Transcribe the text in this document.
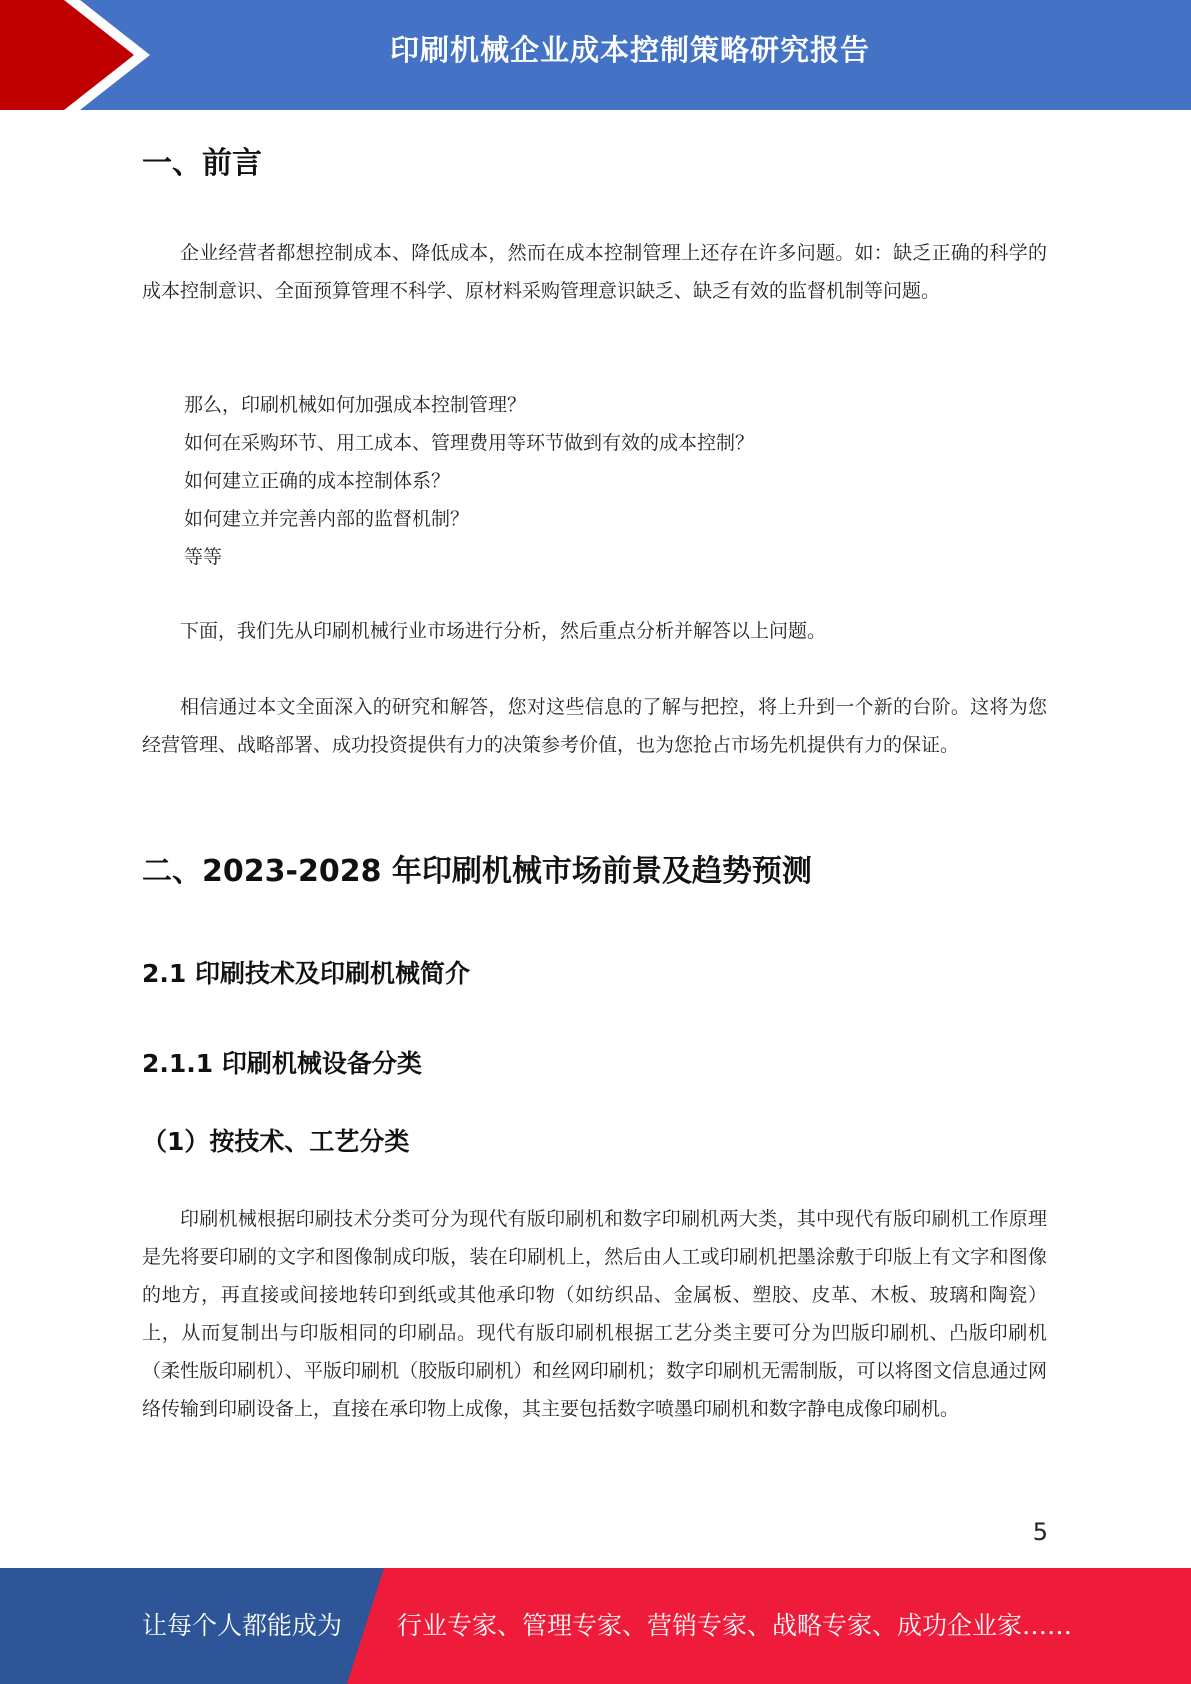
印刷机械企业成本控制策略研究报告
一、前言
企业经营者都想控制成本、降低成本，然而在成本控制管理上还存在许多问题。如：缺乏正确的科学的成本控制意识、全面预算管理不科学、原材料采购管理意识缺乏、缺乏有效的监督机制等问题。
那么，印刷机械如何加强成本控制管理？
如何在采购环节、用工成本、管理费用等环节做到有效的成本控制？
如何建立正确的成本控制体系？
如何建立并完善内部的监督机制？
等等
下面，我们先从印刷机械行业市场进行分析，然后重点分析并解答以上问题。
相信通过本文全面深入的研究和解答，您对这些信息的了解与把控，将上升到一个新的台阶。这将为您经营管理、战略部署、成功投资提供有力的决策参考价值，也为您抢占市场先机提供有力的保证。
二、2023-2028 年印刷机械市场前景及趋势预测
2.1 印刷技术及印刷机械简介
2.1.1 印刷机械设备分类
（1）按技术、工艺分类
印刷机械根据印刷技术分类可分为现代有版印刷机和数字印刷机两大类，其中现代有版印刷机工作原理是先将要印刷的文字和图像制成印版，装在印刷机上，然后由人工或印刷机把墨涂敷于印版上有文字和图像的地方，再直接或间接地转印到纸或其他承印物（如纺织品、金属板、塑胶、皮革、木板、玻璃和陶瓷）上，从而复制出与印版相同的印刷品。现代有版印刷机根据工艺分类主要可分为凹版印刷机、凸版印刷机（柔性版印刷机）、平版印刷机（胶版印刷机）和丝网印刷机；数字印刷机无需制版，可以将图文信息通过网络传输到印刷设备上，直接在承印物上成像，其主要包括数字喷墨印刷机和数字静电成像印刷机。
5
让每个人都能成为 行业专家、管理专家、营销专家、战略专家、成功企业家……
